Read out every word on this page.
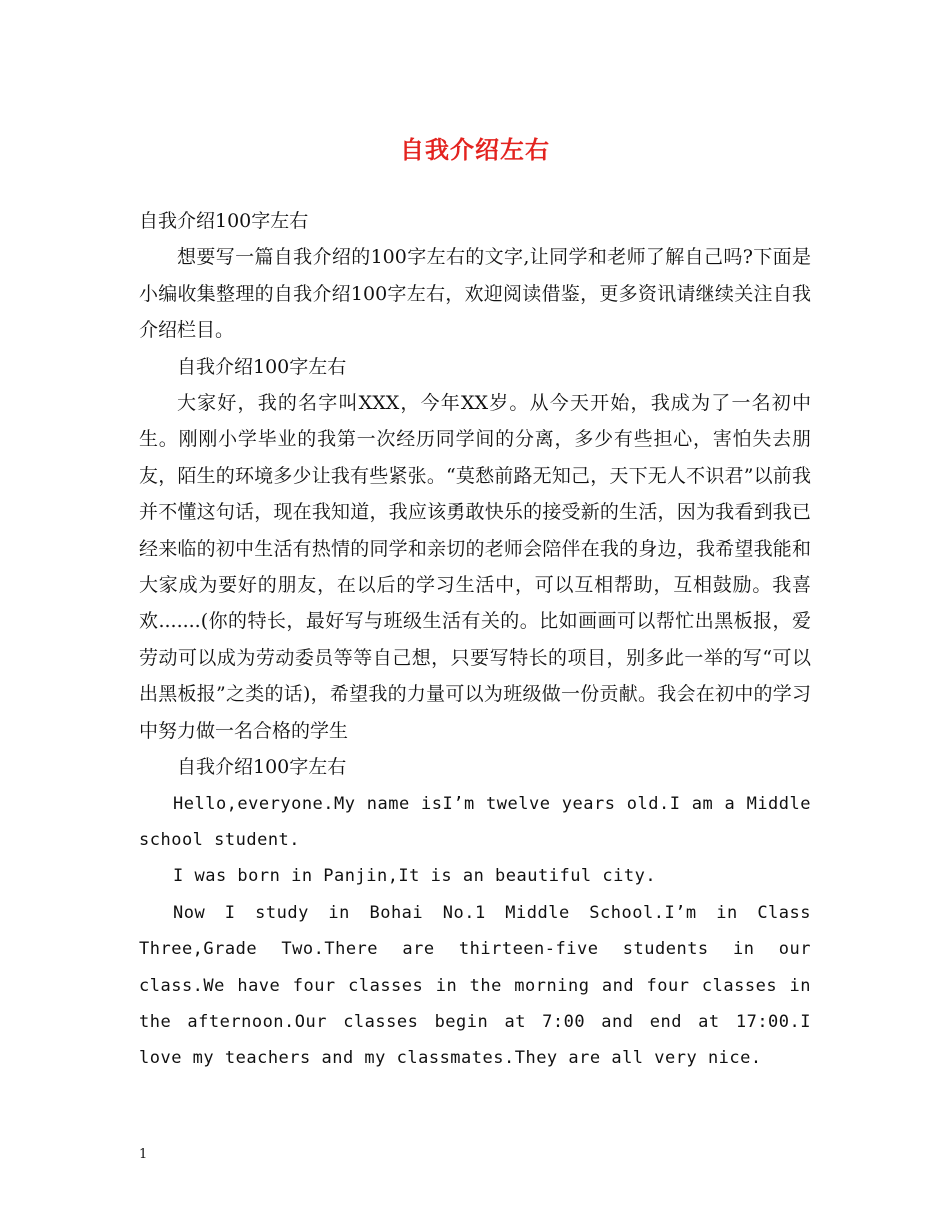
自我介绍左右

自我介绍100字左右

想要写一篇自我介绍的100字左右的文字,让同学和老师了解自己吗?下面是小编收集整理的自我介绍100字左右，欢迎阅读借鉴，更多资讯请继续关注自我介绍栏目。

自我介绍100字左右

大家好，我的名字叫XXX，今年XX岁。从今天开始，我成为了一名初中生。刚刚小学毕业的我第一次经历同学间的分离，多少有些担心，害怕失去朋友，陌生的环境多少让我有些紧张。“莫愁前路无知己，天下无人不识君”以前我并不懂这句话，现在我知道，我应该勇敢快乐的接受新的生活，因为我看到我已经来临的初中生活有热情的同学和亲切的老师会陪伴在我的身边，我希望我能和大家成为要好的朋友，在以后的学习生活中，可以互相帮助，互相鼓励。我喜欢.......(你的特长，最好写与班级生活有关的。比如画画可以帮忙出黑板报，爱劳动可以成为劳动委员等等自己想，只要写特长的项目，别多此一举的写“可以出黑板报”之类的话)，希望我的力量可以为班级做一份贡献。我会在初中的学习中努力做一名合格的学生

自我介绍100字左右

Hello,everyone.My name isI’m twelve years old.I am a Middle school student.

I was born in Panjin,It is an beautiful city.

Now I study in Bohai No.1 Middle School.I’m in Class Three,Grade Two.There are thirteen-five students in our class.We have four classes in the morning and four classes in the afternoon.Our classes begin at 7:00 and end at 17:00.I love my teachers and my classmates.They are all very nice.

1
